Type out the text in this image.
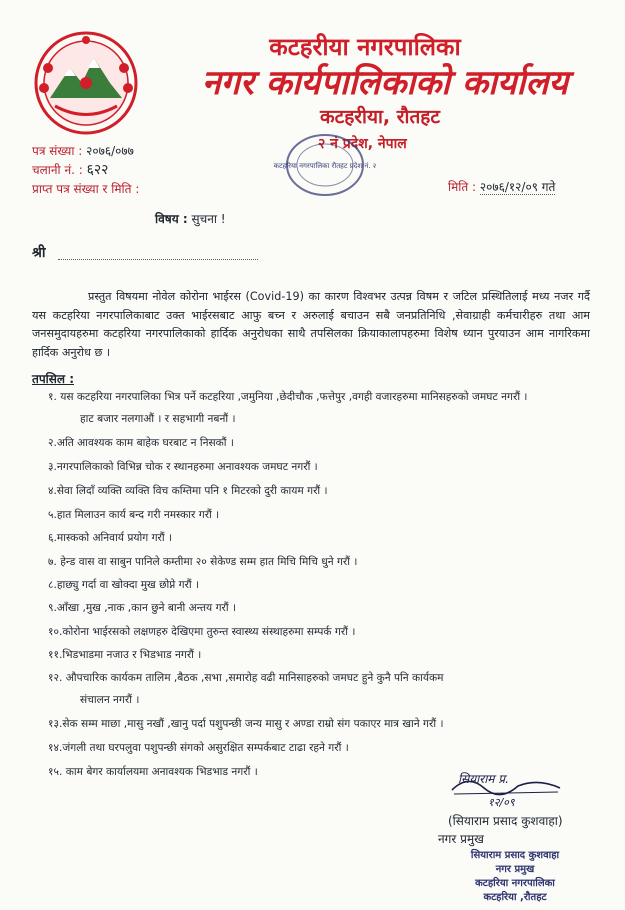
कटहरीया नगरपालिका
नगर कार्यपालिकाको कार्यालय
कटहरीया, रौतहट
२ नं प्रदेश, नेपाल
कटहरिया नगरपालिका रौतहट प्रदेश नं. २
पत्र संख्या : २०७६/०७७
चलानी नं. : ६२२
प्राप्त पत्र संख्या र मिति :	मिति : २०७६/१२/०९ गते
विषय : सुचना !
श्री
प्रस्तुत विषयमा नोवेल कोरोना भाईरस (Covid-19) का कारण विश्वभर उत्पन्न विषम र जटिल प्रस्थितिलाई मध्य नजर गर्दै यस कटहरिया नगरपालिकाबाट उक्त भाईरसबाट आफु बच्न र अरुलाई बचाउन सबै जनप्रतिनिधि ,सेवाग्राही कर्मचारीहरु तथा आम जनसमुदायहरुमा कटहरिया नगरपालिकाको हार्दिक अनुरोधका साथै तपसिलका क्रियाकालापहरुमा विशेष ध्यान पुरयाउन आम नागरिकमा हार्दिक अनुरोध छ ।
तपसिल :
१. यस कटहरिया नगरपालिका भित्र पर्ने कटहरिया ,जमुनिया ,छेदीचौक ,फत्तेपुर ,वगही वजारहरुमा मानिसहरुको जमघट नगरौं ।
हाट बजार नलगाऔं । र सहभागी नबनौं ।
२.अति आवश्यक काम बाहेक घरबाट न निसकौं ।
३.नगरपालिकाको विभिन्न चोक र स्थानहरुमा अनावश्यक जमघट नगरौं ।
४.सेवा लिदाँ व्यक्ति व्यक्ति विच कम्तिमा पनि १ मिटरको दुरी कायम गरौं ।
५.हात मिलाउन कार्य बन्द गरी नमस्कार गरौं ।
६.मास्कको अनिवार्य प्रयोग गरौं ।
७. हेन्ड वास वा साबुन पानिले कम्तीमा २० सेकेण्ड सम्म हात मिचि मिचि धुने गरौं ।
८.हाछ्यु गर्दा वा खोक्दा मुख छोप्ने गरौं ।
९.आँखा ,मुख ,नाक ,कान छुने बानी अन्तय गरौं ।
१०.कोरोना भाईरसको लक्षणहरु देखिएमा तुरुन्त स्वास्थ्य संस्थाहरुमा सम्पर्क गरौं ।
११.भिडभाडमा नजाउ र भिडभाड नगरौं ।
१२. औपचारिक कार्यकम तालिम ,बैठक ,सभा ,समारोह वढी मानिसाहरुको जमघट हुने कुनै पनि कार्यकम
संचालन नगरौं ।
१३.सेक सम्म माछा ,मासु नखौं ,खानु पर्दा पशुपन्छी जन्य मासु र अण्डा राम्रो संग पकाएर मात्र खाने गरौं ।
१४.जंगली तथा घरपलुवा पशुपन्छी संगको असुरक्षित सम्पर्कबाट टाढा रहने गरौं ।
१५. काम बेगर कार्यालयमा अनावश्यक भिडभाड नगरौं ।	सियाराम प्र.
१२/०९
(सियाराम प्रसाद कुशवाहा)
नगर प्रमुख
सियाराम प्रसाद कुशवाहा
नगर प्रमुख
कटहरिया नगरपालिका
कटहरिया ,रौतहट
